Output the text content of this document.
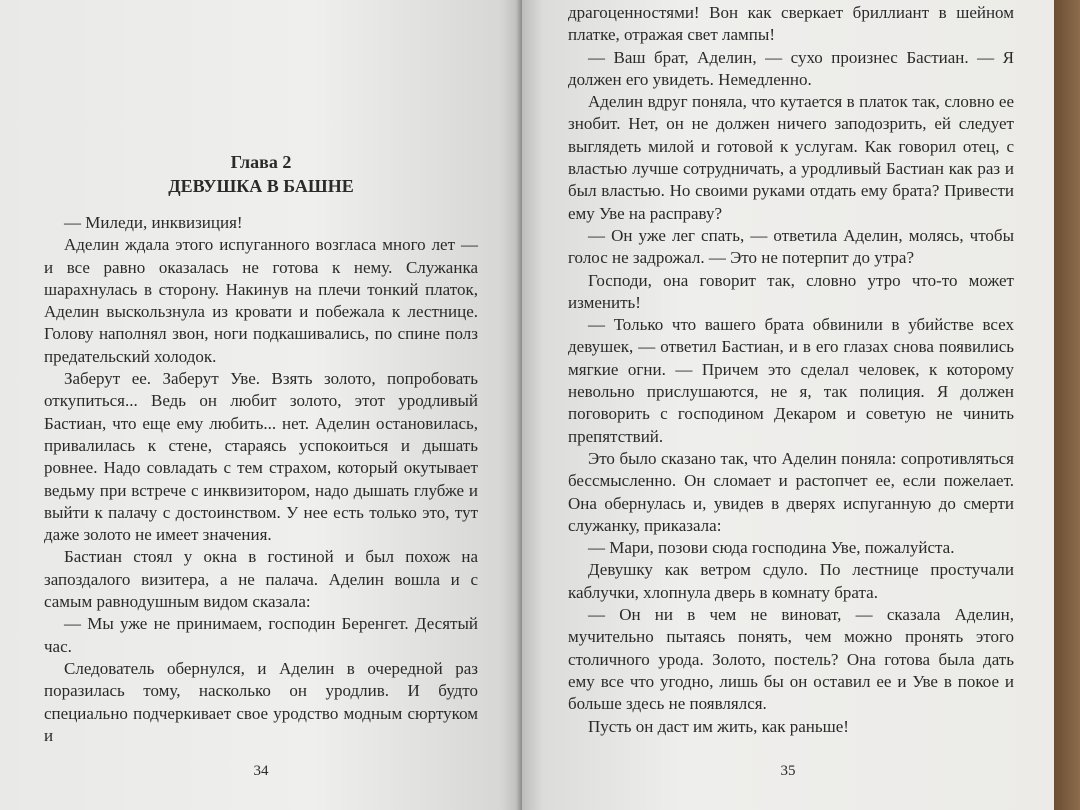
Глава 2
ДЕВУШКА В БАШНЕ

— Миледи, инквизиция!

Аделин ждала этого испуганного возгласа много лет — и все равно оказалась не готова к нему. Служанка шарахнулась в сторону. Накинув на плечи тонкий платок, Аделин выскользнула из кровати и побежала к лестнице. Голову наполнял звон, ноги подкашивались, по спине полз предательский холодок.

Заберут ее. Заберут Уве. Взять золото, попробовать откупиться... Ведь он любит золото, этот уродливый Бастиан, что еще ему любить... нет. Аделин остановилась, привалилась к стене, стараясь успокоиться и дышать ровнее. Надо совладать с тем страхом, который окутывает ведьму при встрече с инквизитором, надо дышать глубже и выйти к палачу с достоинством. У нее есть только это, тут даже золото не имеет значения.

Бастиан стоял у окна в гостиной и был похож на запоздалого визитера, а не палача. Аделин вошла и с самым равнодушным видом сказала:

— Мы уже не принимаем, господин Беренгет. Десятый час.

Следователь обернулся, и Аделин в очередной раз поразилась тому, насколько он уродлив. И будто специально подчеркивает свое уродство модным сюртуком и

34

драгоценностями! Вон как сверкает бриллиант в шейном платке, отражая свет лампы!

— Ваш брат, Аделин, — сухо произнес Бастиан. — Я должен его увидеть. Немедленно.

Аделин вдруг поняла, что кутается в платок так, словно ее знобит. Нет, он не должен ничего заподозрить, ей следует выглядеть милой и готовой к услугам. Как говорил отец, с властью лучше сотрудничать, а уродливый Бастиан как раз и был властью. Но своими руками отдать ему брата? Привести ему Уве на расправу?

— Он уже лег спать, — ответила Аделин, молясь, чтобы голос не задрожал. — Это не потерпит до утра?

Господи, она говорит так, словно утро что-то может изменить!

— Только что вашего брата обвинили в убийстве всех девушек, — ответил Бастиан, и в его глазах снова появились мягкие огни. — Причем это сделал человек, к которому невольно прислушаются, не я, так полиция. Я должен поговорить с господином Декаром и советую не чинить препятствий.

Это было сказано так, что Аделин поняла: сопротивляться бессмысленно. Он сломает и растопчет ее, если пожелает. Она обернулась и, увидев в дверях испуганную до смерти служанку, приказала:

— Мари, позови сюда господина Уве, пожалуйста.

Девушку как ветром сдуло. По лестнице простучали каблучки, хлопнула дверь в комнату брата.

— Он ни в чем не виноват, — сказала Аделин, мучительно пытаясь понять, чем можно пронять этого столичного урода. Золото, постель? Она готова была дать ему все что угодно, лишь бы он оставил ее и Уве в покое и больше здесь не появлялся.

Пусть он даст им жить, как раньше!

35
